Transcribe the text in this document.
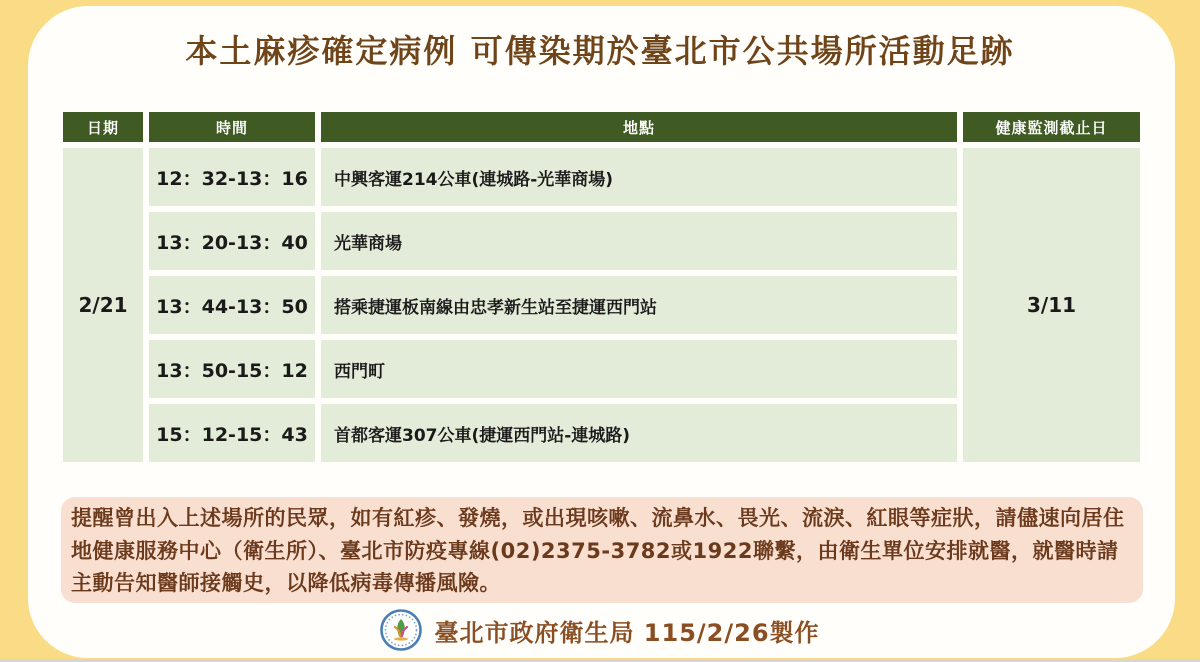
本土麻疹確定病例 可傳染期於臺北市公共場所活動足跡
日期	時間	地點	健康監測截止日
2/21
12：32-13：16	中興客運214公車(連城路-光華商場)
13：20-13：40	光華商場
13：44-13：50	搭乘捷運板南線由忠孝新生站至捷運西門站
13：50-15：12	西門町
15：12-15：43	首都客運307公車(捷運西門站-連城路)
3/11

提醒曾出入上述場所的民眾，如有紅疹、發燒，或出現咳嗽、流鼻水、畏光、流淚、紅眼等症狀，請儘速向居住地健康服務中心（衛生所）、臺北市防疫專線(02)2375-3782或1922聯繫，由衛生單位安排就醫，就醫時請主動告知醫師接觸史，以降低病毒傳播風險。

臺北市政府衛生局 115/2/26製作
